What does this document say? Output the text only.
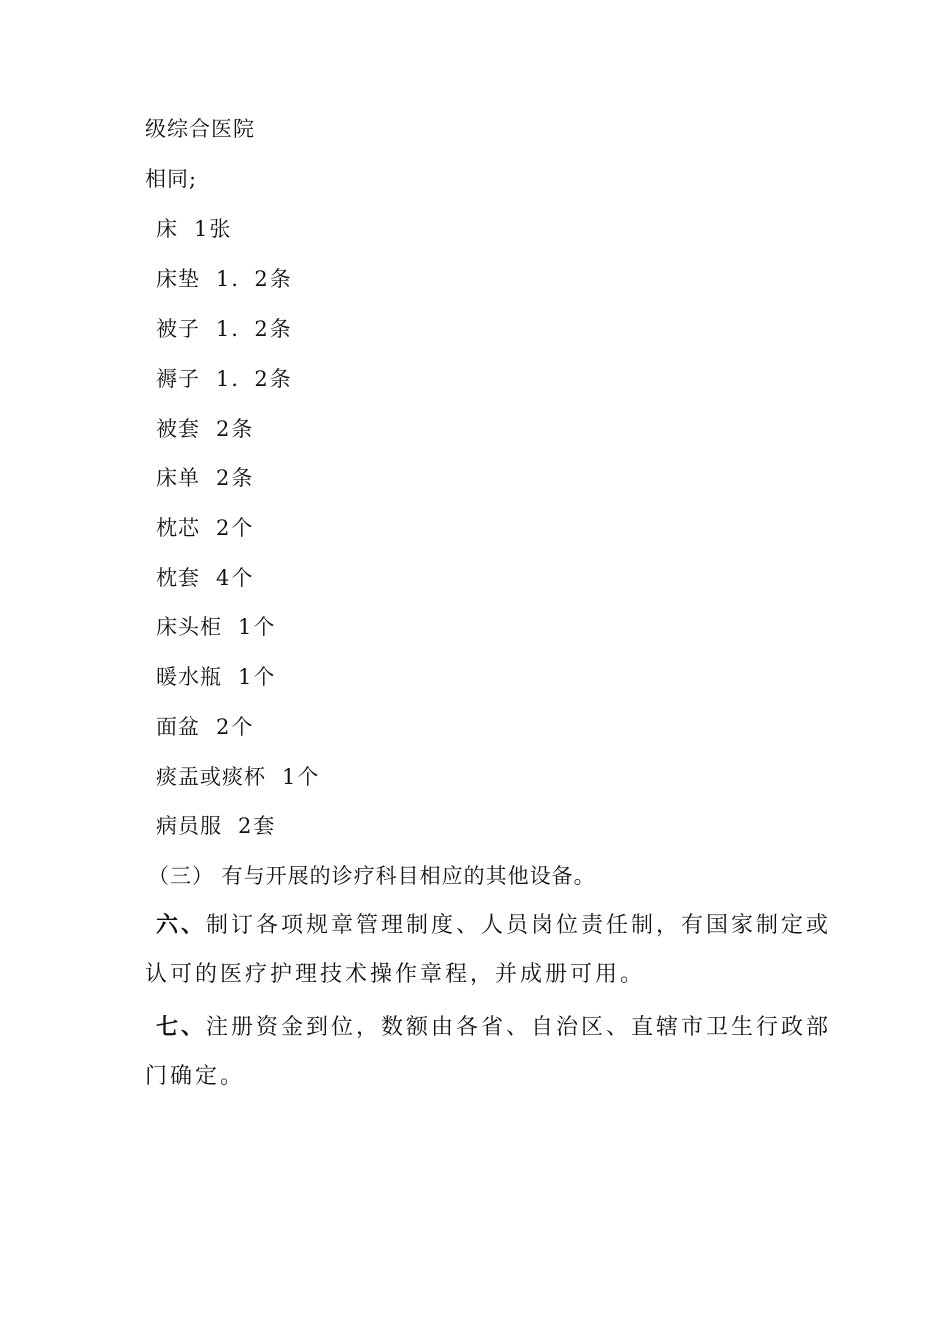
级综合医院
相同;
床 1张
床垫 1．2条
被子 1．2条
褥子 1．2条
被套 2条
床单 2条
枕芯 2个
枕套 4个
床头柜 1个
暖水瓶 1个
面盆 2个
痰盂或痰杯 1个
病员服 2套
（三） 有与开展的诊疗科目相应的其他设备。
六、制订各项规章管理制度、人员岗位责任制，有国家制定或
认可的医疗护理技术操作章程，并成册可用。
七、注册资金到位，数额由各省、自治区、直辖市卫生行政部
门确定。
